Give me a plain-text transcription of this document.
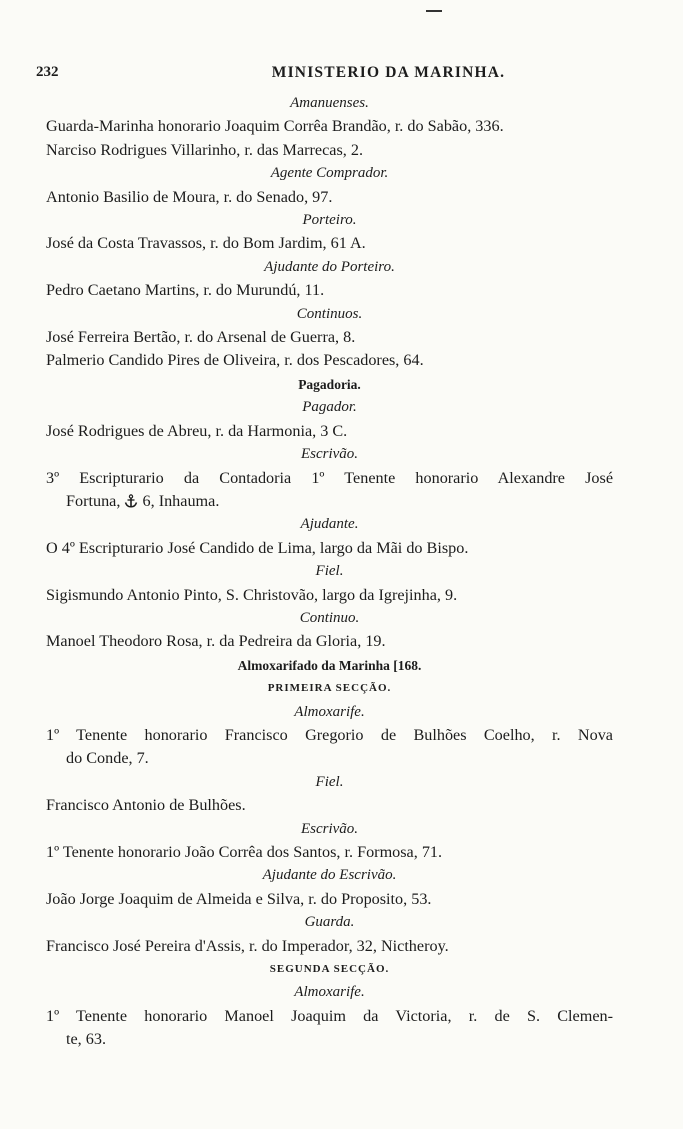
232	MINISTERIO DA MARINHA.
Amanuenses.
Guarda-Marinha honorario Joaquim Corrêa Brandão, r. do Sabão, 336.
Narciso Rodrigues Villarinho, r. das Marrecas, 2.
Agente Comprador.
Antonio Basilio de Moura, r. do Senado, 97.
Porteiro.
José da Costa Travassos, r. do Bom Jardim, 61 A.
Ajudante do Porteiro.
Pedro Caetano Martins, r. do Murundú, 11.
Continuos.
José Ferreira Bertão, r. do Arsenal de Guerra, 8.
Palmerio Candido Pires de Oliveira, r. dos Pescadores, 64.
Pagadoria.
Pagador.
José Rodrigues de Abreu, r. da Harmonia, 3 C.
Escrivão.
3º Escripturario da Contadoria 1º Tenente honorario Alexandre José
Fortuna, 6, Inhauma.
Ajudante.
O 4º Escripturario José Candido de Lima, largo da Mãi do Bispo.
Fiel.
Sigismundo Antonio Pinto, S. Christovão, largo da Igrejinha, 9.
Continuo.
Manoel Theodoro Rosa, r. da Pedreira da Gloria, 19.
Almoxarifado da Marinha [168.
PRIMEIRA SECÇÃO.
Almoxarife.
1º Tenente honorario Francisco Gregorio de Bulhões Coelho, r. Nova
do Conde, 7.
Fiel.
Francisco Antonio de Bulhões.
Escrivão.
1º Tenente honorario João Corrêa dos Santos, r. Formosa, 71.
Ajudante do Escrivão.
João Jorge Joaquim de Almeida e Silva, r. do Proposito, 53.
Guarda.
Francisco José Pereira d'Assis, r. do Imperador, 32, Nictheroy.
SEGUNDA SECÇÃO.
Almoxarife.
1º Tenente honorario Manoel Joaquim da Victoria, r. de S. Clemen-
te, 63.
